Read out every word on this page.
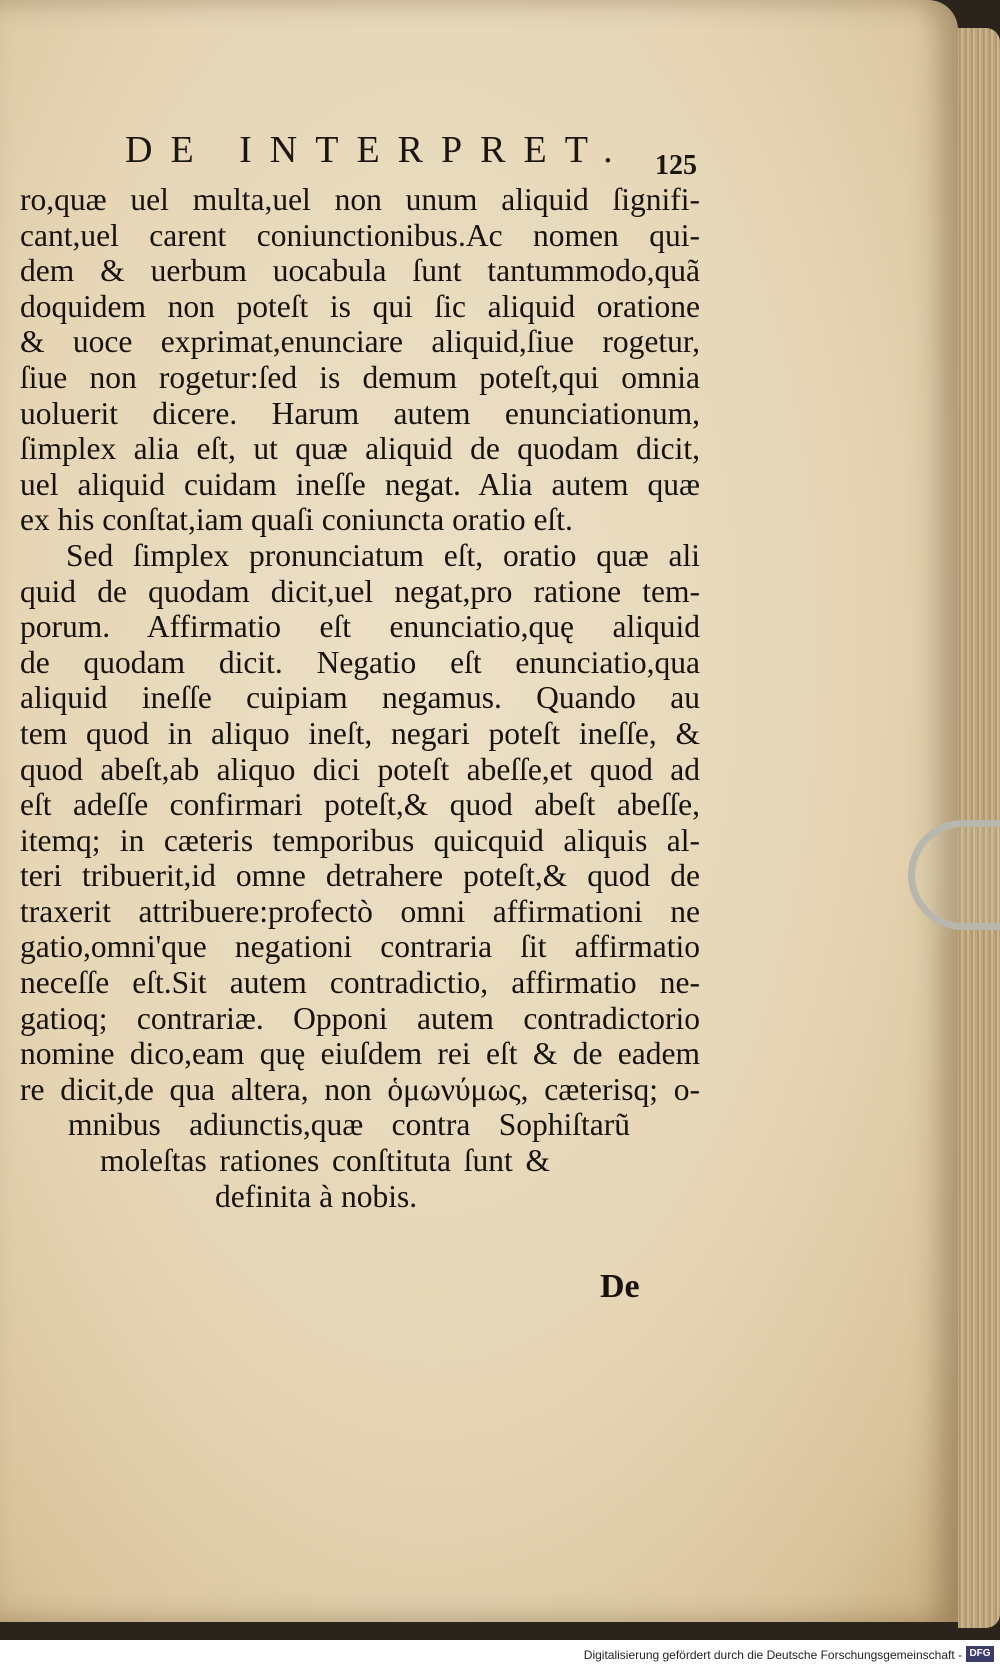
DE INTERPRET. 125
ro,quæ uel multa,uel non unum aliquid ſignifi-
cant,uel carent coniunctionibus.Ac nomen qui-
dem & uerbum uocabula ſunt tantummodo,quã
doquidem non poteſt is qui ſic aliquid oratione
& uoce exprimat,enunciare aliquid,ſiue rogetur,
ſiue non rogetur:ſed is demum poteſt,qui omnia
uoluerit dicere. Harum autem enunciationum,
ſimplex alia eſt, ut quæ aliquid de quodam dicit,
uel aliquid cuidam ineſſe negat. Alia autem quæ
ex his conſtat,iam quaſi coniuncta oratio eſt.
Sed ſimplex pronunciatum eſt, oratio quæ ali
quid de quodam dicit,uel negat,pro ratione tem-
porum. Affirmatio eſt enunciatio,quę aliquid
de quodam dicit. Negatio eſt enunciatio,qua
aliquid ineſſe cuipiam negamus. Quando au
tem quod in aliquo ineſt, negari poteſt ineſſe, &
quod abeſt,ab aliquo dici poteſt abeſſe,et quod ad
eſt adeſſe confirmari poteſt,& quod abeſt abeſſe,
itemq; in cæteris temporibus quicquid aliquis al-
teri tribuerit,id omne detrahere poteſt,& quod de
traxerit attribuere:profectò omni affirmationi ne
gatio,omni'que negationi contraria ſit affirmatio
neceſſe eſt.Sit autem contradictio, affirmatio ne-
gatioq; contrariæ. Opponi autem contradictorio
nomine dico,eam quę eiuſdem rei eſt & de eadem
re dicit,de qua altera, non ὁμωνύμως, cæterisq; o-
mnibus adiunctis,quæ contra Sophiſtarũ
moleſtas rationes conſtituta ſunt &
definita à nobis.
De
Digitalisierung gefördert durch die Deutsche Forschungsgemeinschaft - DFG
